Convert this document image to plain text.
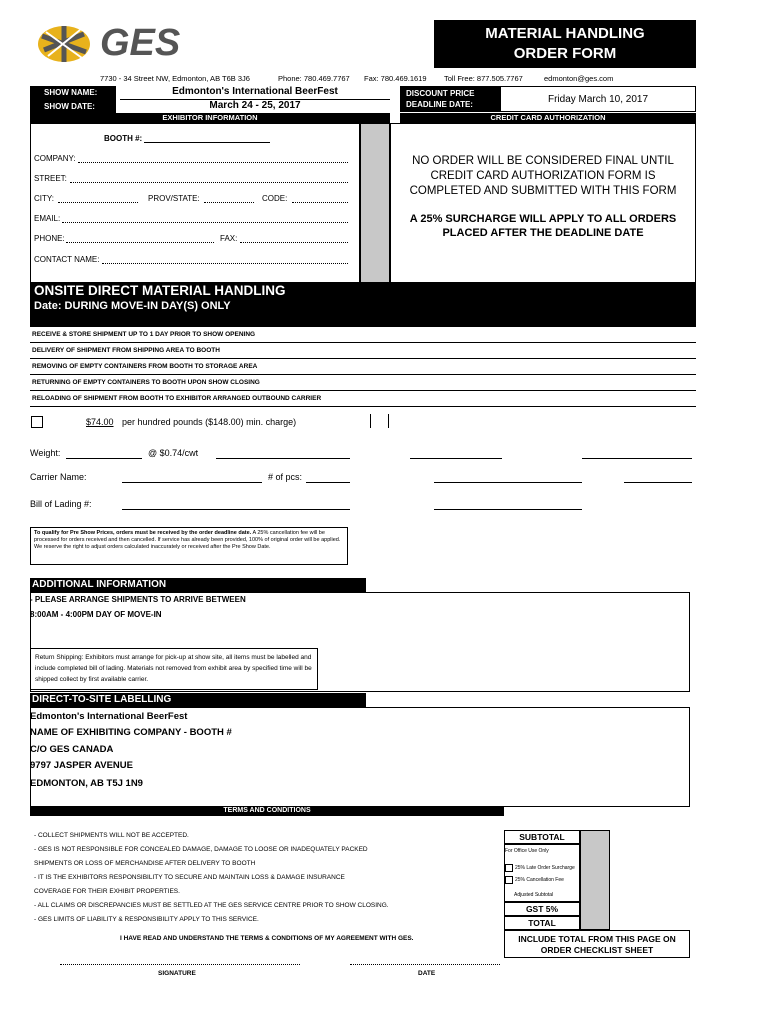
GES	MATERIAL HANDLING ORDER FORM
7730 - 34 Street NW, Edmonton, AB T6B 3J6	Phone: 780.469.7767 Fax: 780.469.1619 Toll Free: 877.505.7767	edmonton@ges.com
SHOW NAME:
SHOW DATE:
Edmonton's International BeerFest
March 24 - 25, 2017
DISCOUNT PRICE DEADLINE DATE:	Friday March 10, 2017
EXHIBITOR INFORMATION	CREDIT CARD AUTHORIZATION
BOOTH #:
COMPANY:
STREET:
CITY:	PROV/STATE:	CODE:
EMAIL:
PHONE:	FAX:
CONTACT NAME:
NO ORDER WILL BE CONSIDERED FINAL UNTIL CREDIT CARD AUTHORIZATION FORM IS COMPLETED AND SUBMITTED WITH THIS FORM
A 25% SURCHARGE WILL APPLY TO ALL ORDERS PLACED AFTER THE DEADLINE DATE
ONSITE DIRECT MATERIAL HANDLING
Date: DURING MOVE-IN DAY(S) ONLY
RECEIVE & STORE SHIPMENT UP TO 1 DAY PRIOR TO SHOW OPENING
DELIVERY OF SHIPMENT FROM SHIPPING AREA TO BOOTH
REMOVING OF EMPTY CONTAINERS FROM BOOTH TO STORAGE AREA
RETURNING OF EMPTY CONTAINERS TO BOOTH UPON SHOW CLOSING
RELOADING OF SHIPMENT FROM BOOTH TO EXHIBITOR ARRANGED OUTBOUND CARRIER
$74.00 per hundred pounds ($148.00) min. charge)
Weight:	@ $0.74/cwt
Carrier Name:	# of pcs:
Bill of Lading #:
To qualify for Pre Show Prices, orders must be received by the order deadline date. A 25% cancellation fee will be processed for orders received and then cancelled. If service has already been provided, 100% of original order will be applied. We reserve the right to adjust orders calculated inaccurately or received after the Pre Show Date.
ADDITIONAL INFORMATION
- PLEASE ARRANGE SHIPMENTS TO ARRIVE BETWEEN
8:00AM - 4:00PM DAY OF MOVE-IN
Return Shipping: Exhibitors must arrange for pick-up at show site, all items must be labelled and include completed bill of lading. Materials not removed from exhibit area by specified time will be shipped collect by first available carrier.
DIRECT-TO-SITE LABELLING
Edmonton's International BeerFest
NAME OF EXHIBITING COMPANY - BOOTH #
C/O GES CANADA
9797 JASPER AVENUE
EDMONTON, AB T5J 1N9
TERMS AND CONDITIONS
- COLLECT SHIPMENTS WILL NOT BE ACCEPTED.
- GES IS NOT RESPONSIBLE FOR CONCEALED DAMAGE, DAMAGE TO LOOSE OR INADEQUATELY PACKED
SHIPMENTS OR LOSS OF MERCHANDISE AFTER DELIVERY TO BOOTH
- IT IS THE EXHIBITORS RESPONSIBILITY TO SECURE AND MAINTAIN LOSS & DAMAGE INSURANCE
COVERAGE FOR THEIR EXHIBIT PROPERTIES.
- ALL CLAIMS OR DISCREPANCIES MUST BE SETTLED AT THE GES SERVICE CENTRE PRIOR TO SHOW CLOSING.
- GES LIMITS OF LIABILITY & RESPONSIBILITY APPLY TO THIS SERVICE.
I HAVE READ AND UNDERSTAND THE TERMS & CONDITIONS OF MY AGREEMENT WITH GES.
SIGNATURE	DATE
SUBTOTAL
For Office Use Only
25% Late Order Surcharge
25% Cancellation Fee
Adjusted Subtotal
GST 5%
TOTAL
INCLUDE TOTAL FROM THIS PAGE ON ORDER CHECKLIST SHEET
